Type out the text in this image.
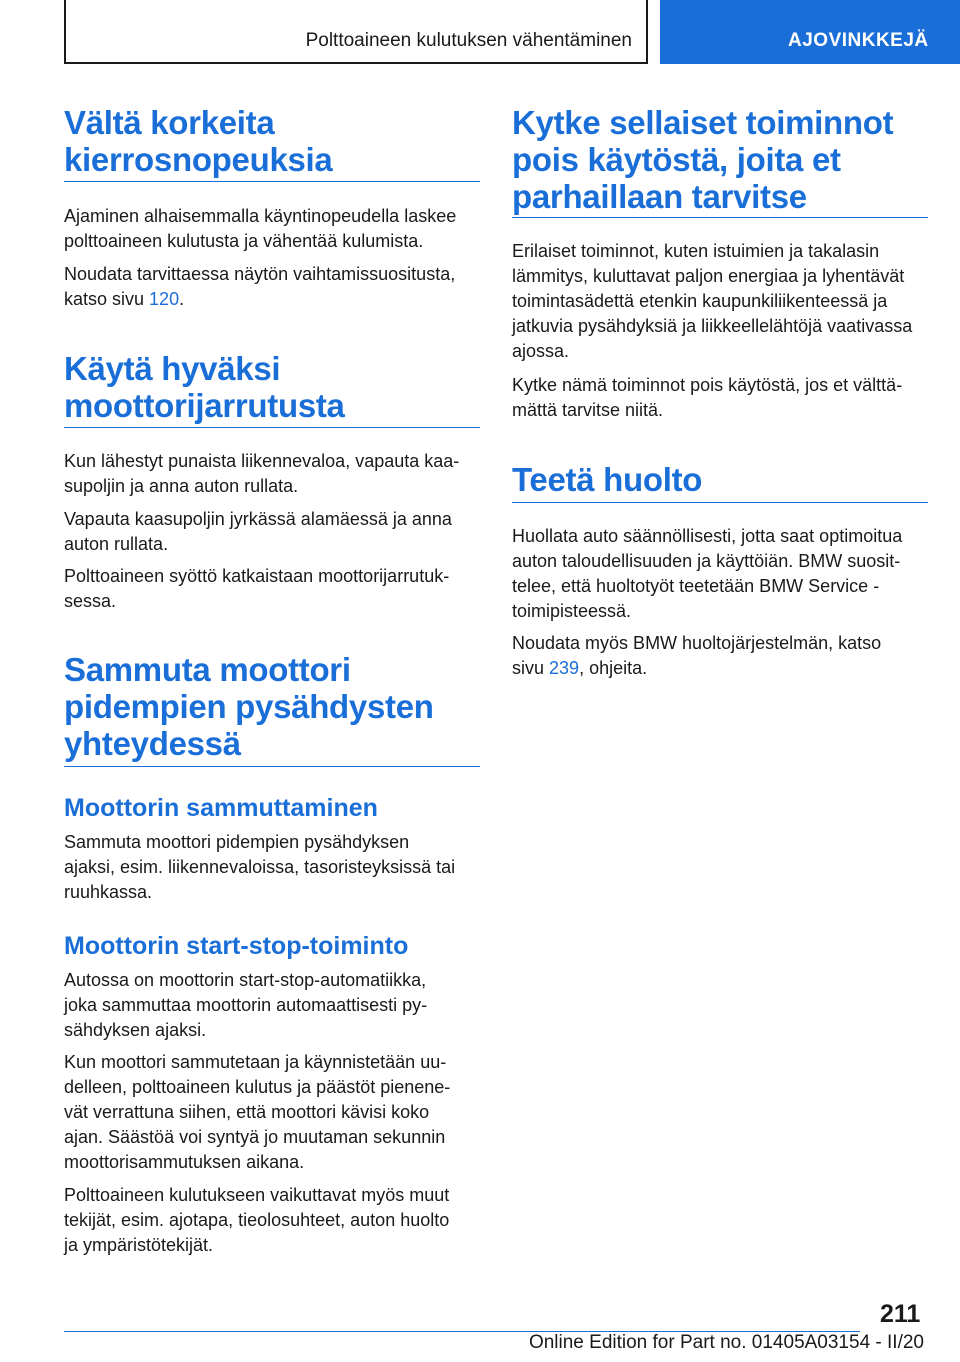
Polttoaineen kulutuksen vähentäminen	AJOVINKKEJÄ
Vältä korkeita
kierrosnopeuksia

Ajaminen alhaisemmalla käyntinopeudella laskee
polttoaineen kulutusta ja vähentää kulumista.

Noudata tarvittaessa näytön vaihtamissuositusta,
katso sivu 120.

Käytä hyväksi
moottorijarrutusta

Kun lähestyt punaista liikennevaloa, vapauta kaa-
supoljin ja anna auton rullata.

Vapauta kaasupoljin jyrkässä alamäessä ja anna
auton rullata.

Polttoaineen syöttö katkaistaan moottorijarrutuk-
sessa.

Sammuta moottori
pidempien pysähdysten
yhteydessä
Moottorin sammuttaminen

Sammuta moottori pidempien pysähdyksen
ajaksi, esim. liikennevaloissa, tasoristeyksissä tai
ruuhkassa.

Moottorin start-stop-toiminto

Autossa on moottorin start-stop-automatiikka,
joka sammuttaa moottorin automaattisesti py-
sähdyksen ajaksi.

Kun moottori sammutetaan ja käynnistetään uu-
delleen, polttoaineen kulutus ja päästöt pienene-
vät verrattuna siihen, että moottori kävisi koko
ajan. Säästöä voi syntyä jo muutaman sekunnin
moottorisammutuksen aikana.

Polttoaineen kulutukseen vaikuttavat myös muut
tekijät, esim. ajotapa, tieolosuhteet, auton huolto
ja ympäristötekijät.

Kytke sellaiset toiminnot
pois käytöstä, joita et
parhaillaan tarvitse

Erilaiset toiminnot, kuten istuimien ja takalasin
lämmitys, kuluttavat paljon energiaa ja lyhentävät
toimintasädettä etenkin kaupunkiliikenteessä ja
jatkuvia pysähdyksiä ja liikkeellelähtöjä vaativassa
ajossa.

Kytke nämä toiminnot pois käytöstä, jos et välttä-
mättä tarvitse niitä.

Teetä huolto

Huollata auto säännöllisesti, jotta saat optimoitua
auton taloudellisuuden ja käyttöiän. BMW suosit-
telee, että huoltotyöt teetetään BMW Service -
toimipisteessä.

Noudata myös BMW huoltojärjestelmän, katso
sivu 239, ohjeita.

211
Online Edition for Part no. 01405A03154 - II/20
